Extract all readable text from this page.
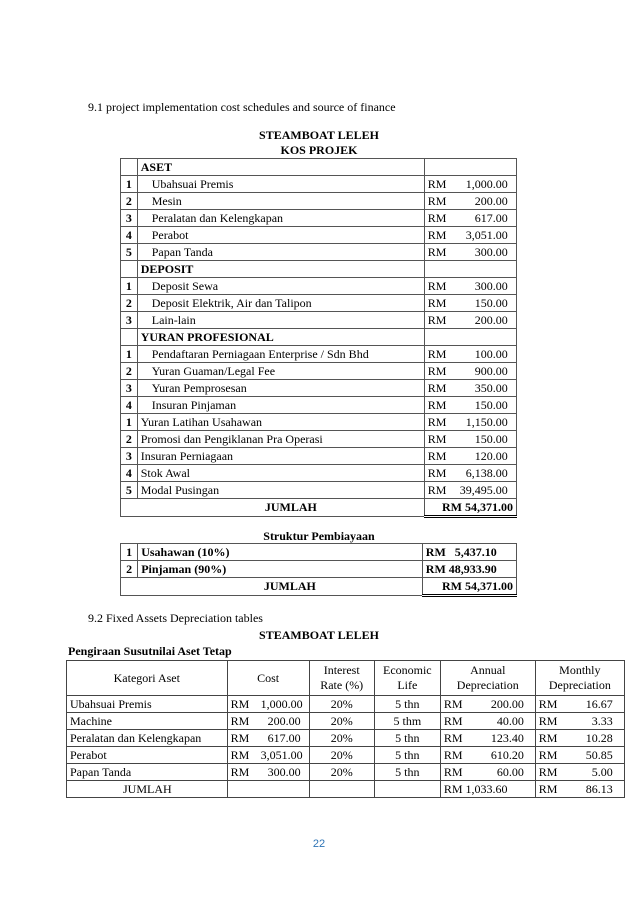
9.1 project implementation cost schedules and source of finance
STEAMBOAT LELEH
KOS PROJEK
	ASET	
1	Ubahsuai Premis	RM 1,000.00
2	Mesin	RM 200.00
3	Peralatan dan Kelengkapan	RM 617.00
4	Perabot	RM 3,051.00
5	Papan Tanda	RM 300.00
	DEPOSIT	
1	Deposit Sewa	RM 300.00
2	Deposit Elektrik, Air dan Talipon	RM 150.00
3	Lain-lain	RM 200.00
	YURAN PROFESIONAL	
1	Pendaftaran Perniagaan Enterprise / Sdn Bhd	RM 100.00
2	Yuran Guaman/Legal Fee	RM 900.00
3	Yuran Pemprosesan	RM 350.00
4	Insuran Pinjaman	RM 150.00
1	Yuran Latihan Usahawan	RM 1,150.00
2	Promosi dan Pengiklanan Pra Operasi	RM 150.00
3	Insuran Perniagaan	RM 120.00
4	Stok Awal	RM 6,138.00
5	Modal Pusingan	RM 39,495.00
JUMLAH		RM 54,371.00
Struktur Pembiayaan
1	Usahawan (10%)	RM   5,437.10
2	Pinjaman (90%)	RM 48,933.90
JUMLAH		RM 54,371.00
9.2 Fixed Assets Depreciation tables
STEAMBOAT LELEH
Pengiraan Susutnilai Aset Tetap
Kategori Aset	Cost	Interest Rate (%)	Economic Life	Annual Depreciation	Monthly Depreciation
Ubahsuai Premis	RM 1,000.00	20%	5 thn	RM 200.00	RM 16.67
Machine	RM 200.00	20%	5 thm	RM 40.00	RM 3.33
Peralatan dan Kelengkapan	RM 617.00	20%	5 thn	RM 123.40	RM 10.28
Perabot	RM 3,051.00	20%	5 thn	RM 610.20	RM 50.85
Papan Tanda	RM 300.00	20%	5 thn	RM 60.00	RM 5.00
JUMLAH				RM 1,033.60	RM 86.13
22
